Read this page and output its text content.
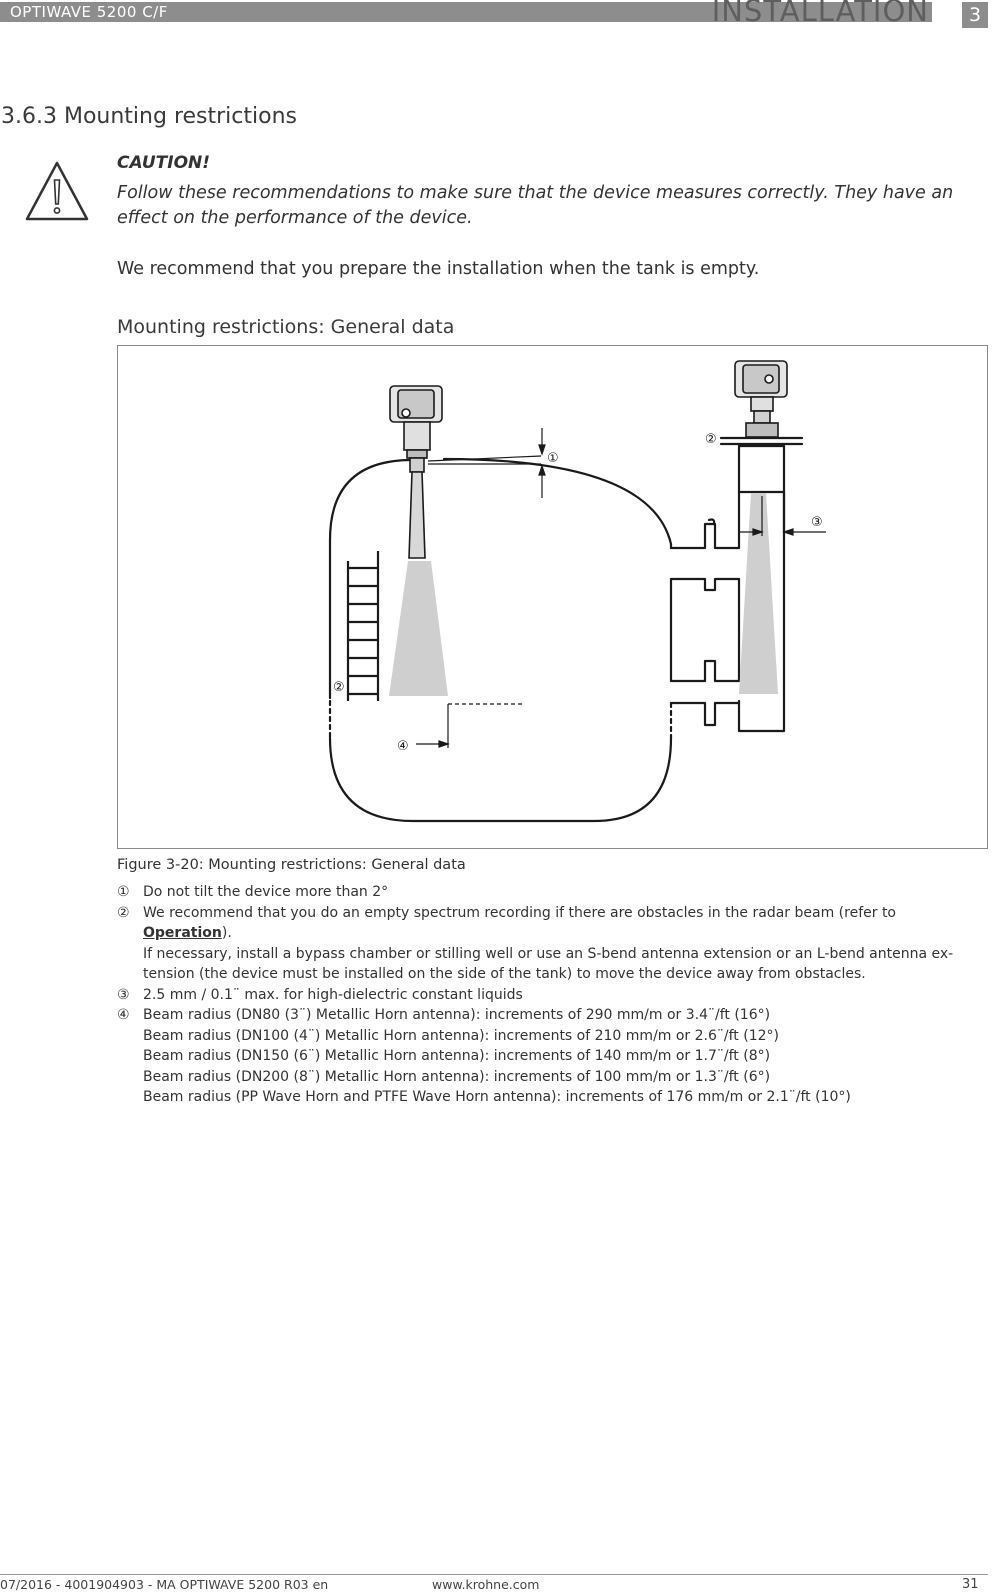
OPTIWAVE 5200 C/F	INSTALLATION	3
3.6.3 Mounting restrictions
CAUTION!
Follow these recommendations to make sure that the device measures correctly. They have an effect on the performance of the device.
We recommend that you prepare the installation when the tank is empty.
Mounting restrictions: General data
①
②
②
③
④
Figure 3-20: Mounting restrictions: General data
① Do not tilt the device more than 2°
② We recommend that you do an empty spectrum recording if there are obstacles in the radar beam (refer to Operation).
If necessary, install a bypass chamber or stilling well or use an S-bend antenna extension or an L-bend antenna ex-
tension (the device must be installed on the side of the tank) to move the device away from obstacles.
③ 2.5 mm / 0.1¨ max. for high-dielectric constant liquids
④ Beam radius (DN80 (3¨) Metallic Horn antenna): increments of 290 mm/m or 3.4¨/ft (16°)
Beam radius (DN100 (4¨) Metallic Horn antenna): increments of 210 mm/m or 2.6¨/ft (12°)
Beam radius (DN150 (6¨) Metallic Horn antenna): increments of 140 mm/m or 1.7¨/ft (8°)
Beam radius (DN200 (8¨) Metallic Horn antenna): increments of 100 mm/m or 1.3¨/ft (6°)
Beam radius (PP Wave Horn and PTFE Wave Horn antenna): increments of 176 mm/m or 2.1¨/ft (10°)
07/2016 - 4001904903 - MA OPTIWAVE 5200 R03 en	www.krohne.com	31
